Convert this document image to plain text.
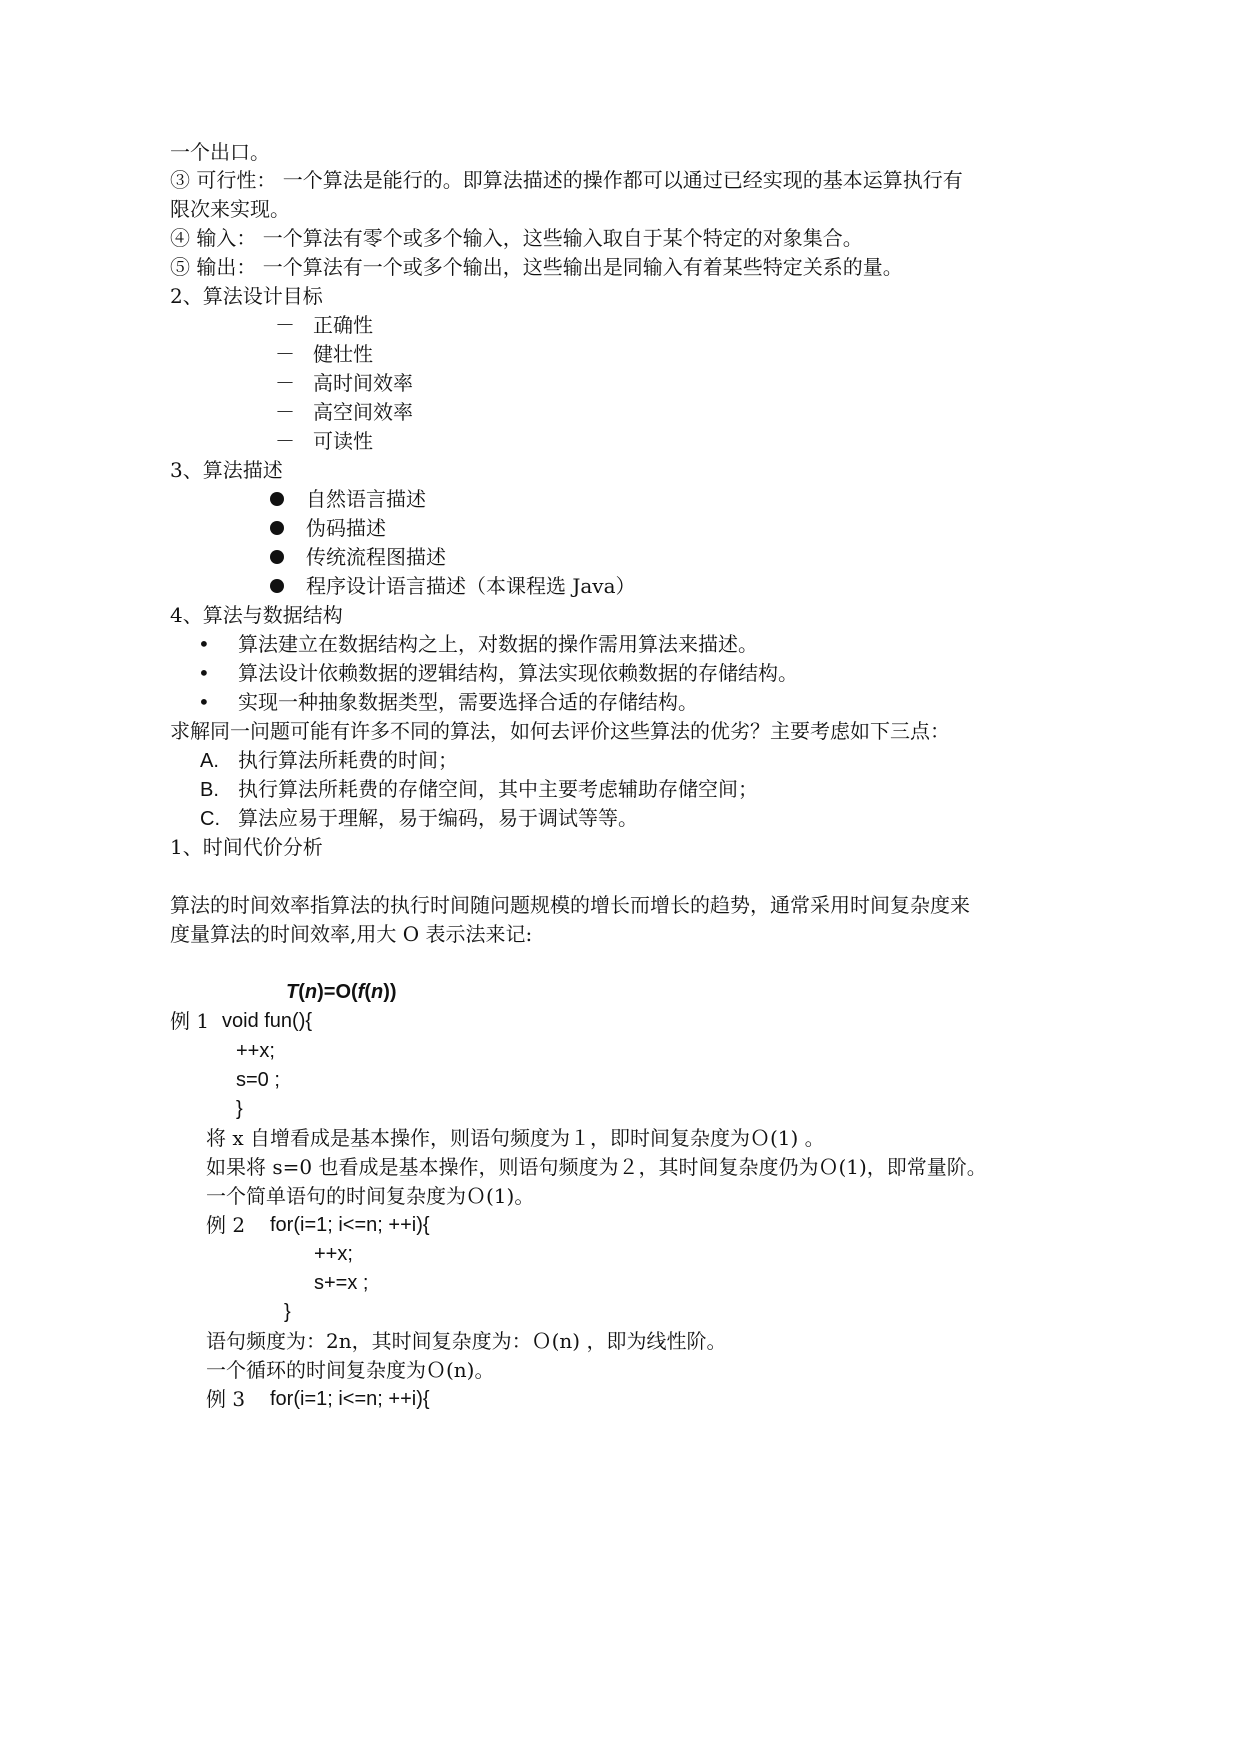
一个出口。
③ 可行性： 一个算法是能行的。即算法描述的操作都可以通过已经实现的基本运算执行有
限次来实现。
④ 输入： 一个算法有零个或多个输入，这些输入取自于某个特定的对象集合。
⑤ 输出： 一个算法有一个或多个输出，这些输出是同输入有着某些特定关系的量。
2、算法设计目标
－ 正确性
－ 健壮性
－ 高时间效率
－ 高空间效率
－ 可读性
3、算法描述
自然语言描述
伪码描述
传统流程图描述
程序设计语言描述（本课程选 Java）
4、算法与数据结构
• 算法建立在数据结构之上，对数据的操作需用算法来描述。
• 算法设计依赖数据的逻辑结构，算法实现依赖数据的存储结构。
• 实现一种抽象数据类型，需要选择合适的存储结构。
求解同一问题可能有许多不同的算法，如何去评价这些算法的优劣？主要考虑如下三点：
A. 执行算法所耗费的时间；
B. 执行算法所耗费的存储空间，其中主要考虑辅助存储空间；
C. 算法应易于理解，易于编码，易于调试等等。
1、时间代价分析
算法的时间效率指算法的执行时间随问题规模的增长而增长的趋势，通常采用时间复杂度来
度量算法的时间效率,用大 O 表示法来记:
T(n)=O(f(n))
例 1 void fun(){
++x;
s=0 ;
}
将 x 自增看成是基本操作，则语句频度为１，即时间复杂度为Ｏ(1) 。
如果将 s=0 也看成是基本操作，则语句频度为２，其时间复杂度仍为Ｏ(1)，即常量阶。
一个简单语句的时间复杂度为Ｏ(1)。
例 2 for(i=1; i<=n; ++i){
++x;
s+=x ;
}
语句频度为：2n，其时间复杂度为：Ｏ(n) ，即为线性阶。
一个循环的时间复杂度为Ｏ(n)。
例 3 for(i=1; i<=n; ++i){
